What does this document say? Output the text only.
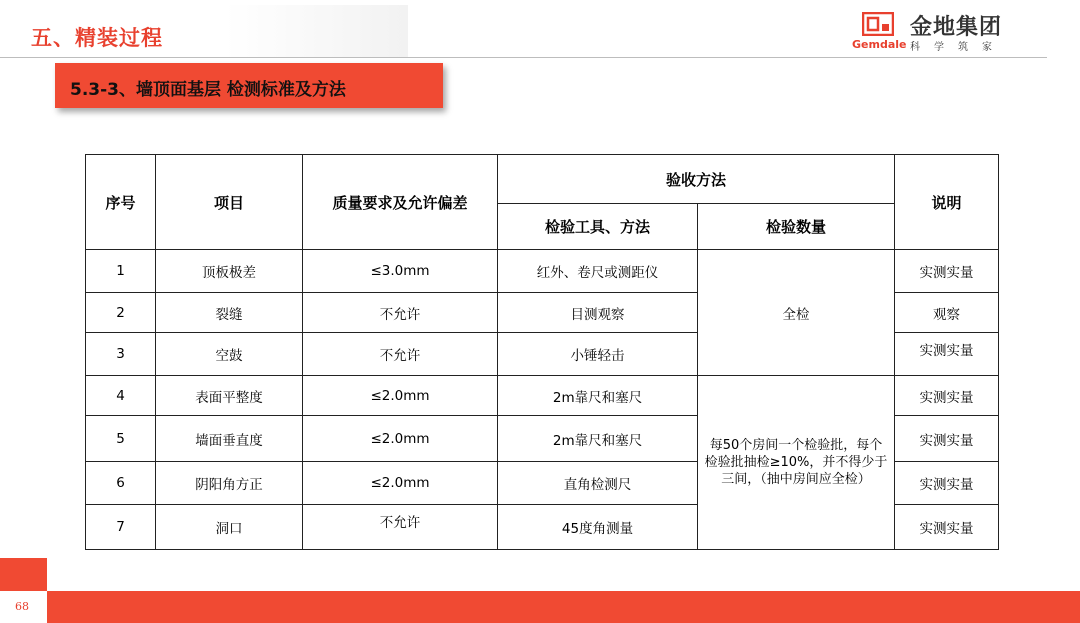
五、精装过程	金地集团
Gemdale 科学筑家
5.3-3、墙顶面基层 检测标准及方法
序号	项目	质量要求及允许偏差	验收方法		说明
			检验工具、方法	检验数量	
1	顶板极差	≤3.0mm	红外、卷尺或测距仪	全检	实测实量
2	裂缝	不允许	目测观察		观察
3	空鼓	不允许	小锤轻击		实测实量
4	表面平整度	≤2.0mm	2m靠尺和塞尺	每50个房间一个检验批，每个检验批抽检≥10%，并不得少于三间，（抽中房间应全检）	实测实量
5	墙面垂直度	≤2.0mm	2m靠尺和塞尺		实测实量
6	阴阳角方正	≤2.0mm	直角检测尺		实测实量
7	洞口	不允许	45度角测量		实测实量
68
